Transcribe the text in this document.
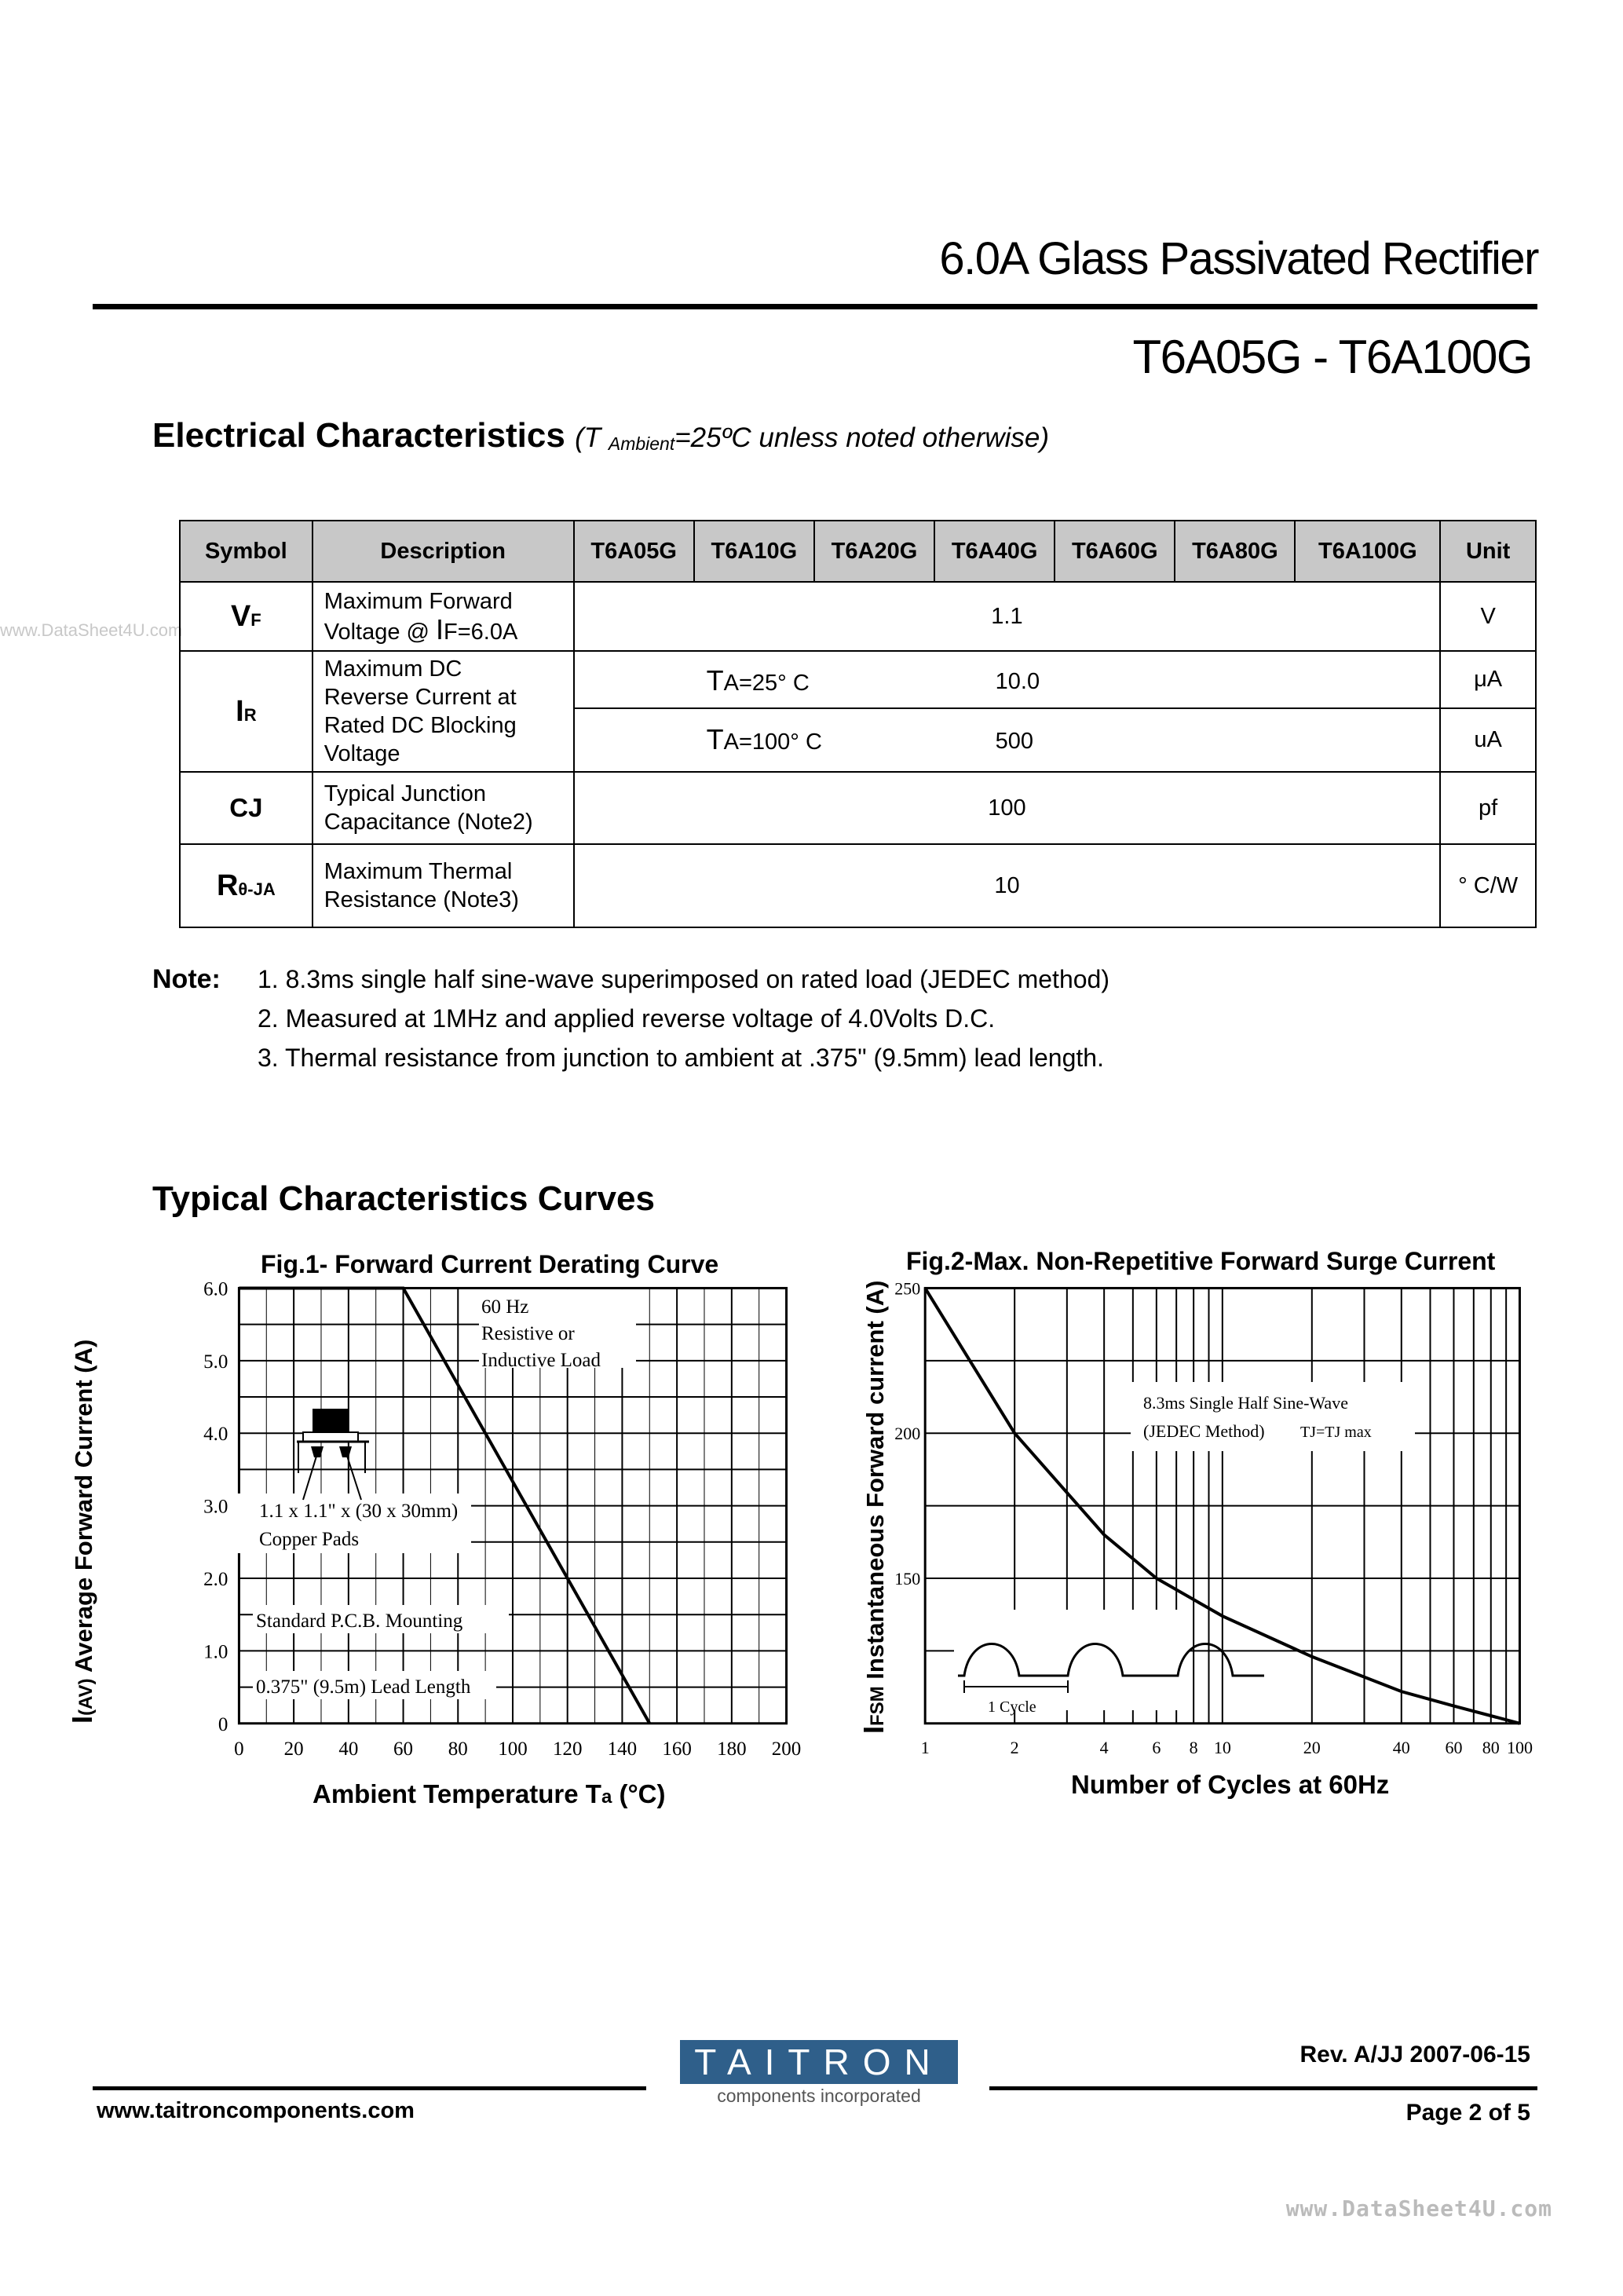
www.DataSheet4U.com
6.0A Glass Passivated Rectifier
T6A05G - T6A100G
Electrical Characteristics (T $_{Ambient}$=25ºC unless noted otherwise)
Symbol	Description	T6A05G	T6A10G	T6A20G	T6A40G	T6A60G	T6A80G	T6A100G	Unit
VF	Maximum Forward
Voltage @ IF=6.0A	1.1							V
IR	Maximum DC
Reverse Current at
Rated DC Blocking
Voltage	TA=25° C 10.0							μA

		TA=100° C 500							uA
CJ	Typical Junction
Capacitance (Note2)	100							pf
Rθ-JA	Maximum Thermal
Resistance (Note3)	10							° C/W
Note: 1. 8.3ms single half sine-wave superimposed on rated load (JEDEC method)
2. Measured at 1MHz and applied reverse voltage of 4.0Volts D.C.
3. Thermal resistance from junction to ambient at .375" (9.5mm) lead length.
Typical Characteristics Curves
0 20 40 60 80 100 120 140 160 180 200
0
1.0
2.0
3.0
4.0
5.0
6.0
60 Hz
Resistive or
Inductive Load
1.1 x 1.1" x (30 x 30mm)
Copper Pads
Standard P.C.B. Mounting
0.375" (9.5m) Lead Length
Fig.1- Forward Current Derating Curve
I(AV) Average Forward Current (A)
Ambient Temperature Ta (°C)
1	2	4	6 8 10	20	40 60 80 100
150
200
250
8.3ms Single Half Sine-Wave
(JEDEC Method) TJ=TJ max
1 Cycle
Fig.2-Max. Non-Repetitive Forward Surge Current
IFSM Instantaneous Forward current (A)
Number of Cycles at 60Hz
TAITRON
components incorporated
Rev. A/JJ 2007-06-15
www.taitroncomponents.com	Page 2 of 5
www.DataSheet4U.com
